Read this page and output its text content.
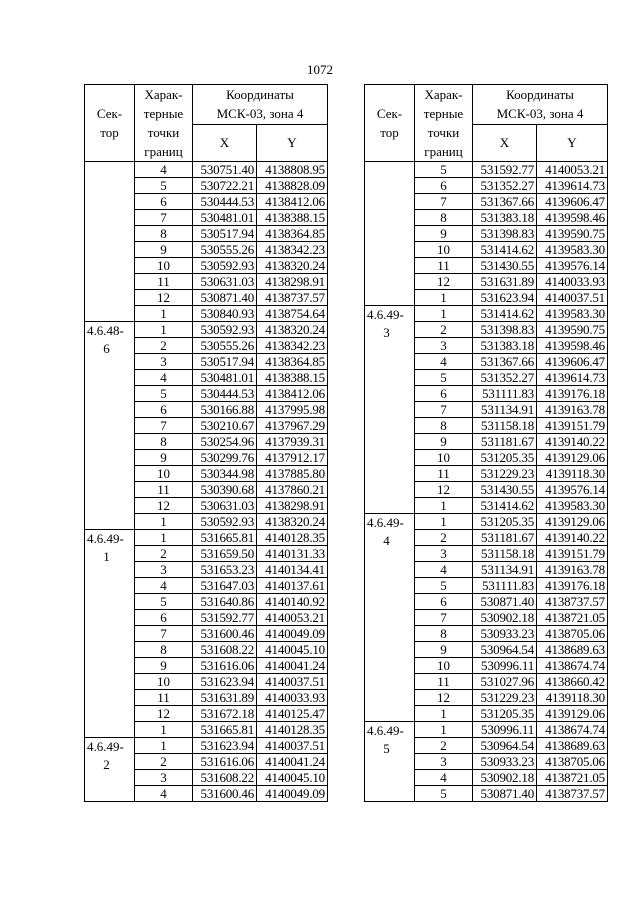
1072
Сек-
тор	Харак-
терные
точки
границ	Координаты
МСК-03, зона 4	

		X	Y

	4	530751.40	4138808.95
	5	530722.21	4138828.09
	6	530444.53	4138412.06
	7	530481.01	4138388.15
	8	530517.94	4138364.85
	9	530555.26	4138342.23
	10	530592.93	4138320.24
	11	530631.03	4138298.91
	12	530871.40	4138737.57
	1	530840.93	4138754.64

4.6.48-
6	1	530592.93	4138320.24
	2	530555.26	4138342.23
	3	530517.94	4138364.85
	4	530481.01	4138388.15
	5	530444.53	4138412.06
	6	530166.88	4137995.98
	7	530210.67	4137967.29
	8	530254.96	4137939.31
	9	530299.76	4137912.17
	10	530344.98	4137885.80
	11	530390.68	4137860.21
	12	530631.03	4138298.91
	1	530592.93	4138320.24

4.6.49-
1	1	531665.81	4140128.35
	2	531659.50	4140131.33
	3	531653.23	4140134.41
	4	531647.03	4140137.61
	5	531640.86	4140140.92
	6	531592.77	4140053.21
	7	531600.46	4140049.09
	8	531608.22	4140045.10
	9	531616.06	4140041.24
	10	531623.94	4140037.51
	11	531631.89	4140033.93
	12	531672.18	4140125.47
	1	531665.81	4140128.35

4.6.49-
2	1	531623.94	4140037.51
	2	531616.06	4140041.24
	3	531608.22	4140045.10
	4	531600.46	4140049.09
Сек-
тор	Харак-
терные
точки
границ	Координаты
МСК-03, зона 4	

		X	Y

	5	531592.77	4140053.21
	6	531352.27	4139614.73
	7	531367.66	4139606.47
	8	531383.18	4139598.46
	9	531398.83	4139590.75
	10	531414.62	4139583.30
	11	531430.55	4139576.14
	12	531631.89	4140033.93
	1	531623.94	4140037.51

4.6.49-
3	1	531414.62	4139583.30
	2	531398.83	4139590.75
	3	531383.18	4139598.46
	4	531367.66	4139606.47
	5	531352.27	4139614.73
	6	531111.83	4139176.18
	7	531134.91	4139163.78
	8	531158.18	4139151.79
	9	531181.67	4139140.22
	10	531205.35	4139129.06
	11	531229.23	4139118.30
	12	531430.55	4139576.14
	1	531414.62	4139583.30

4.6.49-
4	1	531205.35	4139129.06
	2	531181.67	4139140.22
	3	531158.18	4139151.79
	4	531134.91	4139163.78
	5	531111.83	4139176.18
	6	530871.40	4138737.57
	7	530902.18	4138721.05
	8	530933.23	4138705.06
	9	530964.54	4138689.63
	10	530996.11	4138674.74
	11	531027.96	4138660.42
	12	531229.23	4139118.30
	1	531205.35	4139129.06

4.6.49-
5	1	530996.11	4138674.74
	2	530964.54	4138689.63
	3	530933.23	4138705.06
	4	530902.18	4138721.05
	5	530871.40	4138737.57
